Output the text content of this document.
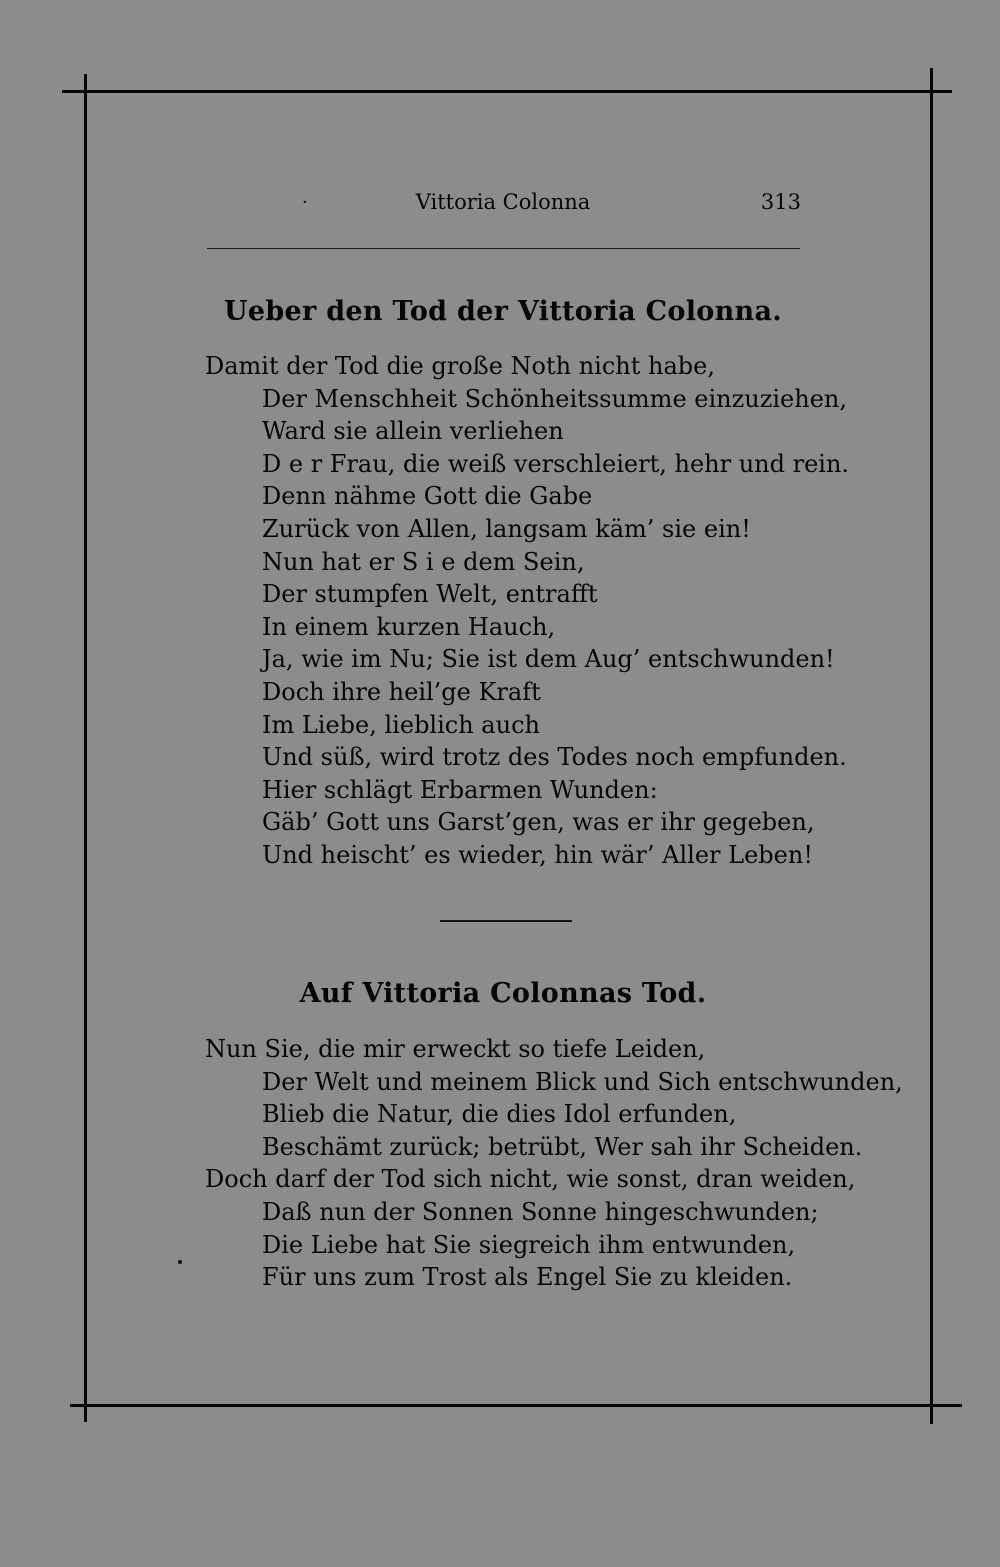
·	Vittoria Colonna	313
Ueber den Tod der Vittoria Colonna.
Damit der Tod die große Noth nicht habe,
Der Menschheit Schönheitssumme einzuziehen,
Ward sie allein verliehen
D e r Frau, die weiß verschleiert, hehr und rein.
Denn nähme Gott die Gabe
Zurück von Allen, langsam käm’ sie ein!
Nun hat er S i e dem Sein,
Der stumpfen Welt, entrafft
In einem kurzen Hauch,
Ja, wie im Nu; Sie ist dem Aug’ entschwunden!
Doch ihre heil’ge Kraft
Im Liebe, lieblich auch
Und süß, wird trotz des Todes noch empfunden.
Hier schlägt Erbarmen Wunden:
Gäb’ Gott uns Garst’gen, was er ihr gegeben,
Und heischt’ es wieder, hin wär’ Aller Leben!
Auf Vittoria Colonnas Tod.
Nun Sie, die mir erweckt so tiefe Leiden,
Der Welt und meinem Blick und Sich entschwunden,
Blieb die Natur, die dies Idol erfunden,
Beschämt zurück; betrübt, Wer sah ihr Scheiden.
Doch darf der Tod sich nicht, wie sonst, dran weiden,
Daß nun der Sonnen Sonne hingeschwunden;
Die Liebe hat Sie siegreich ihm entwunden,
Für uns zum Trost als Engel Sie zu kleiden.
